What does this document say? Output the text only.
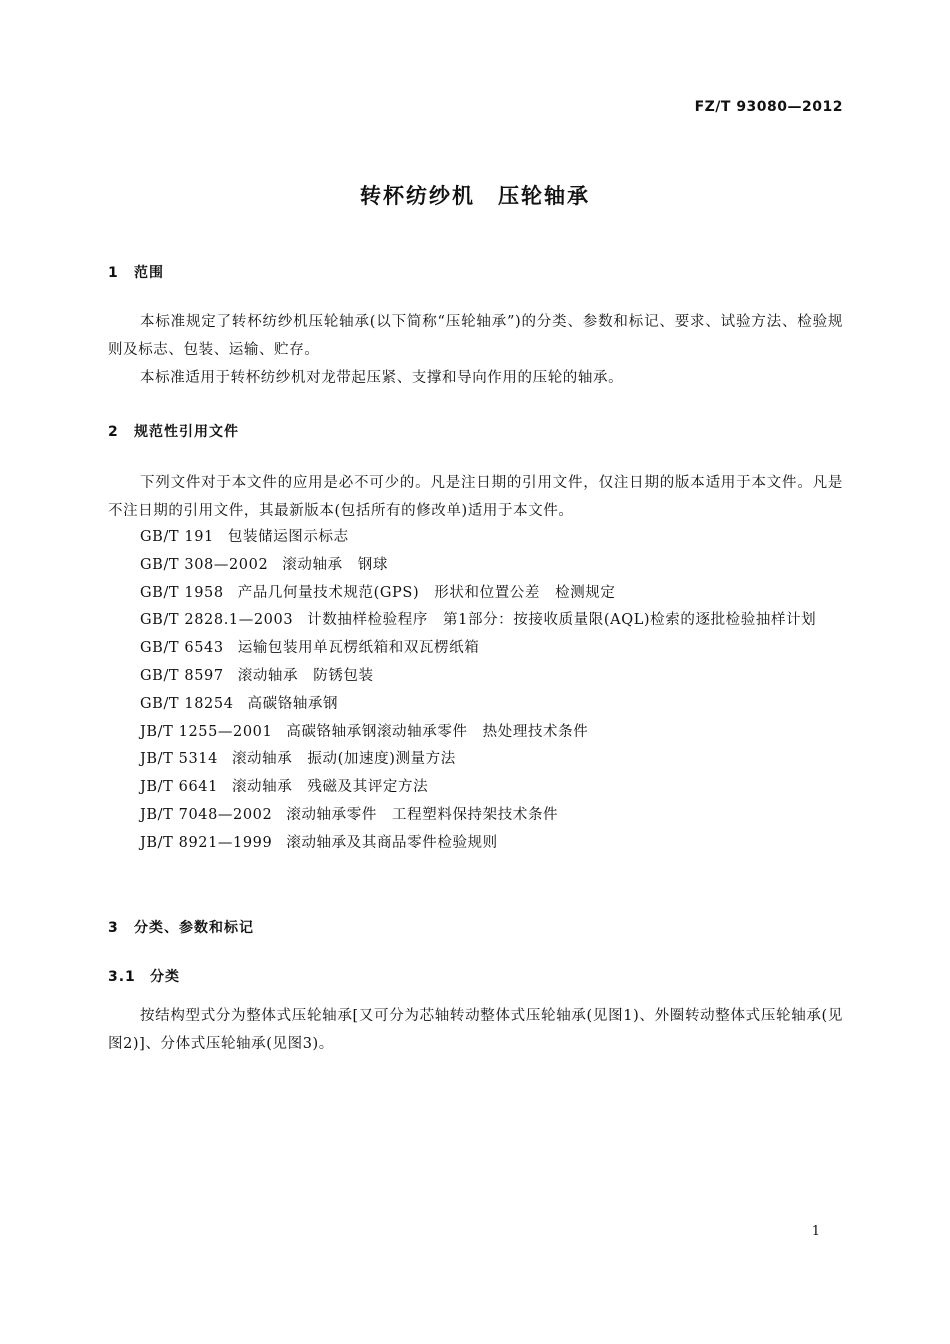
FZ/T 93080—2012
转杯纺纱机　压轮轴承
1 范围
本标准规定了转杯纺纱机压轮轴承(以下简称“压轮轴承”)的分类、参数和标记、要求、试验方法、检验规则及标志、包装、运输、贮存。
本标准适用于转杯纺纱机对龙带起压紧、支撑和导向作用的压轮的轴承。
2 规范性引用文件
下列文件对于本文件的应用是必不可少的。凡是注日期的引用文件，仅注日期的版本适用于本文件。凡是不注日期的引用文件，其最新版本(包括所有的修改单)适用于本文件。
GB/T 191 包装储运图示标志
GB/T 308—2002 滚动轴承　钢球
GB/T 1958 产品几何量技术规范(GPS)　形状和位置公差　检测规定
GB/T 2828.1—2003 计数抽样检验程序　第1部分：按接收质量限(AQL)检索的逐批检验抽样计划
GB/T 6543 运输包装用单瓦楞纸箱和双瓦楞纸箱
GB/T 8597 滚动轴承　防锈包装
GB/T 18254 高碳铬轴承钢
JB/T 1255—2001 高碳铬轴承钢滚动轴承零件　热处理技术条件
JB/T 5314 滚动轴承　振动(加速度)测量方法
JB/T 6641 滚动轴承　残磁及其评定方法
JB/T 7048—2002 滚动轴承零件　工程塑料保持架技术条件
JB/T 8921—1999 滚动轴承及其商品零件检验规则
3 分类、参数和标记
3.1 分类
按结构型式分为整体式压轮轴承[又可分为芯轴转动整体式压轮轴承(见图1)、外圈转动整体式压轮轴承(见图2)]、分体式压轮轴承(见图3)。
1
